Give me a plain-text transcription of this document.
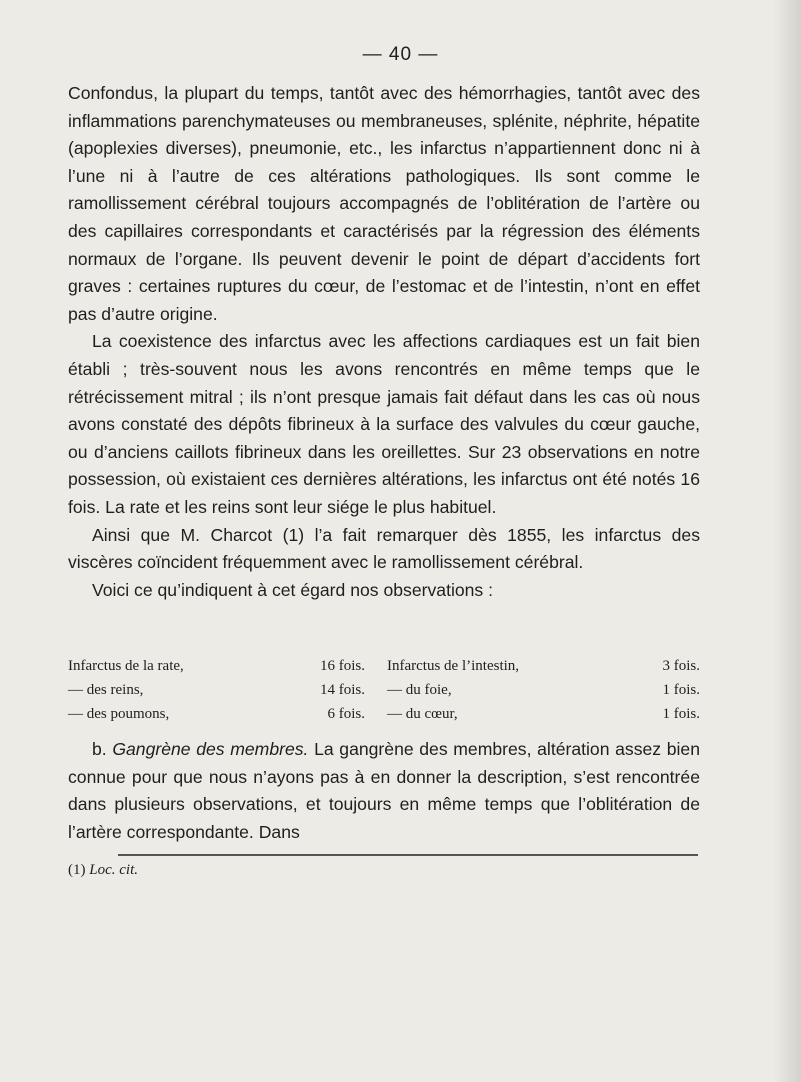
— 40 —

Confondus, la plupart du temps, tantôt avec des hémorrhagies, tantôt avec des inflammations parenchymateuses ou membraneuses, splénite, néphrite, hépatite (apoplexies diverses), pneumonie, etc., les infarctus n’appartiennent donc ni à l’une ni à l’autre de ces altérations pathologiques. Ils sont comme le ramollissement cérébral toujours accompagnés de l’oblitération de l’artère ou des capillaires correspondants et caractérisés par la régression des éléments normaux de l’organe. Ils peuvent devenir le point de départ d’accidents fort graves : certaines ruptures du cœur, de l’estomac et de l’intestin, n’ont en effet pas d’autre origine.

La coexistence des infarctus avec les affections cardiaques est un fait bien établi ; très-souvent nous les avons rencontrés en même temps que le rétrécissement mitral ; ils n’ont presque jamais fait défaut dans les cas où nous avons constaté des dépôts fibrineux à la surface des valvules du cœur gauche, ou d’anciens caillots fibrineux dans les oreillettes. Sur 23 observations en notre possession, où existaient ces dernières altérations, les infarctus ont été notés 16 fois. La rate et les reins sont leur siége le plus habituel.

Ainsi que M. Charcot (1) l’a fait remarquer dès 1855, les infarctus des viscères coïncident fréquemment avec le ramollissement cérébral.

Voici ce qu’indiquent à cet égard nos observations :

Infarctus de la rate,	16 fois. Infarctus de l’intestin,	3 fois.
— des reins,	14 fois. — du foie,	1 fois.
— des poumons,	6 fois. — du cœur,	1 fois.

b. Gangrène des membres. La gangrène des membres, altération assez bien connue pour que nous n’ayons pas à en donner la description, s’est rencontrée dans plusieurs observations, et toujours en même temps que l’oblitération de l’artère correspondante. Dans

(1) Loc. cit.
